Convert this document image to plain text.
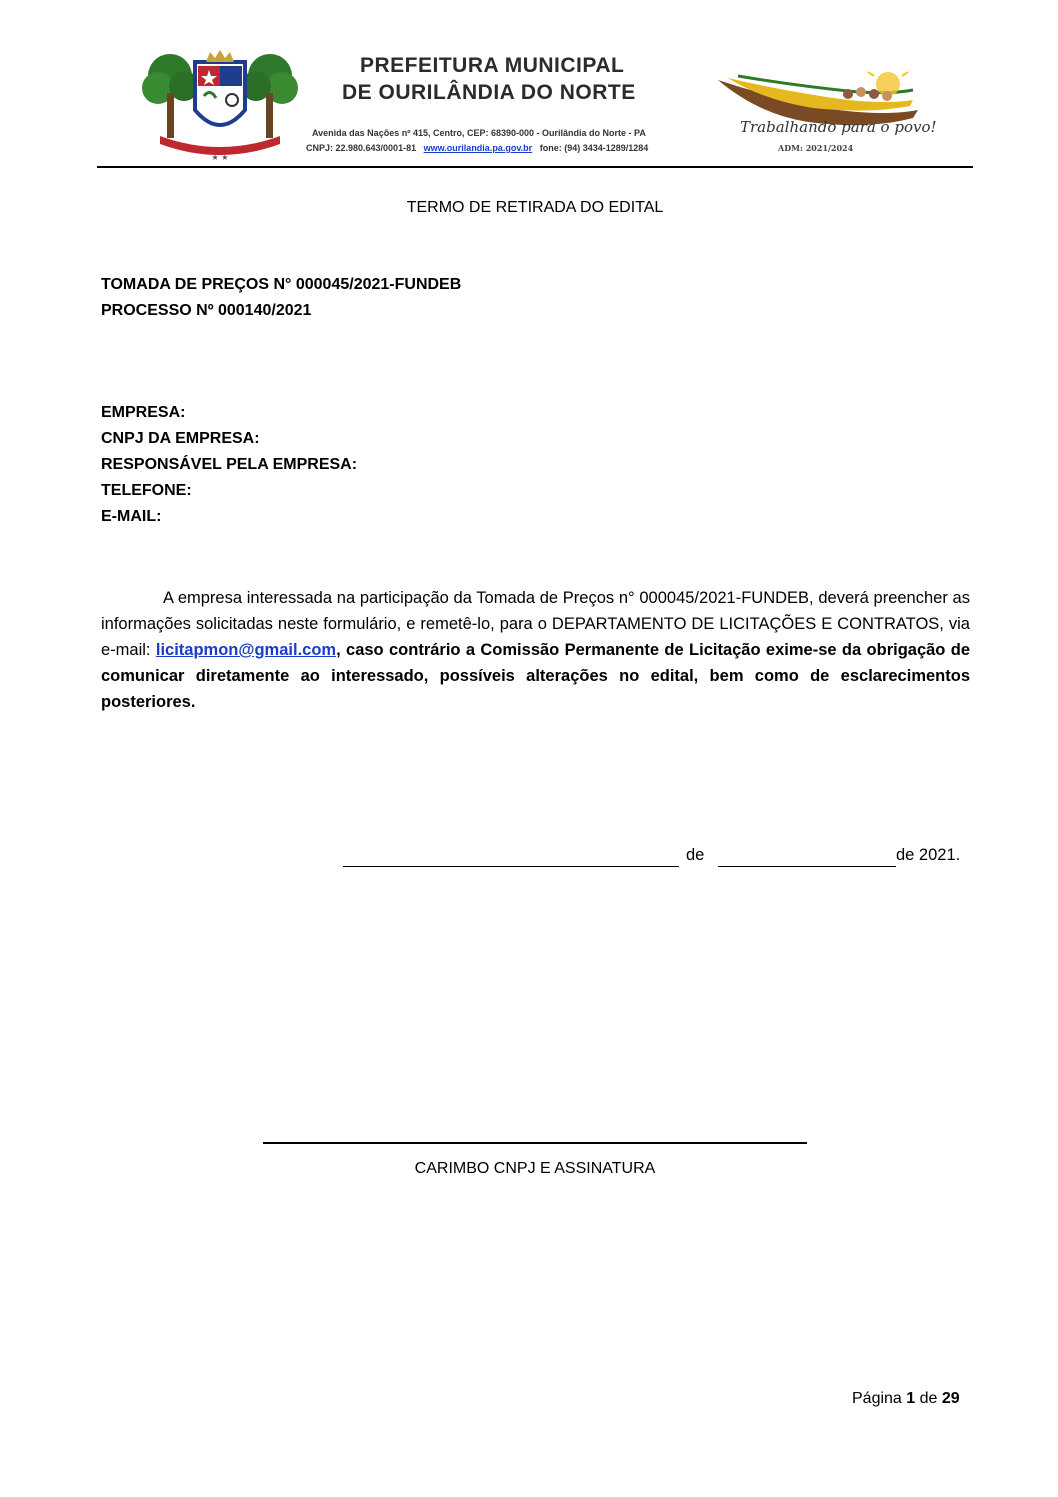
★ ★
PREFEITURA MUNICIPAL
DE OURILÂNDIA DO NORTE
Avenida das Nações nº 415, Centro, CEP: 68390-000 - Ourilândia do Norte - PA
CNPJ: 22.980.643/0001-81 www.ourilandia.pa.gov.br fone: (94) 3434-1289/1284
Trabalhando para o povo!
ADM: 2021/2024
TERMO DE RETIRADA DO EDITAL
TOMADA DE PREÇOS N° 000045/2021-FUNDEB
PROCESSO Nº 000140/2021
EMPRESA:
CNPJ DA EMPRESA:
RESPONSÁVEL PELA EMPRESA:
TELEFONE:
E-MAIL:
A empresa interessada na participação da Tomada de Preços n° 000045/2021-FUNDEB, deverá preencher as informações solicitadas neste formulário, e remetê-lo, para o DEPARTAMENTO DE LICITAÇÕES E CONTRATOS, via e-mail: licitapmon@gmail.com, caso contrário a Comissão Permanente de Licitação exime-se da obrigação de comunicar diretamente ao interessado, possíveis alterações no edital, bem como de esclarecimentos posteriores.
de	de 2021.
CARIMBO CNPJ E ASSINATURA
Página 1 de 29
